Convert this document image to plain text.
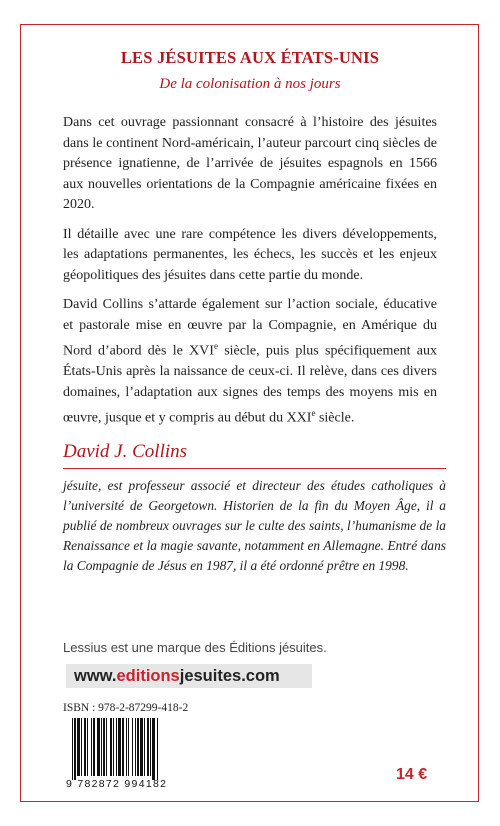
LES JÉSUITES AUX ÉTATS-UNIS
De la colonisation à nos jours

Dans cet ouvrage passionnant consacré à l’histoire des jésuites dans le continent Nord-américain, l’auteur parcourt cinq siècles de présence ignatienne, de l’arrivée de jésuites espagnols en 1566 aux nouvelles orientations de la Compagnie américaine fixées en 2020.

Il détaille avec une rare compétence les divers développements, les adaptations permanentes, les échecs, les succès et les enjeux géopolitiques des jésuites dans cette partie du monde.

David Collins s’attarde également sur l’action sociale, éducative et pastorale mise en œuvre par la Compagnie, en Amérique du Nord d’abord dès le XVIe siècle, puis plus spécifiquement aux États-Unis après la naissance de ceux-ci. Il relève, dans ces divers domaines, l’adaptation aux signes des temps des moyens mis en œuvre, jusque et y compris au début du XXIe siècle.

David J. Collins
jésuite, est professeur associé et directeur des études catholiques à l’université de Georgetown. Historien de la fin du Moyen Âge, il a publié de nombreux ouvrages sur le culte des saints, l’humanisme de la Renaissance et la magie savante, notamment en Allemagne. Entré dans la Compagnie de Jésus en 1987, il a été ordonné prêtre en 1998.
Lessius est une marque des Éditions jésuites.
www.editionsjesuites.com
ISBN : 978-2-87299-418-2
9 782872 994182
14 €
